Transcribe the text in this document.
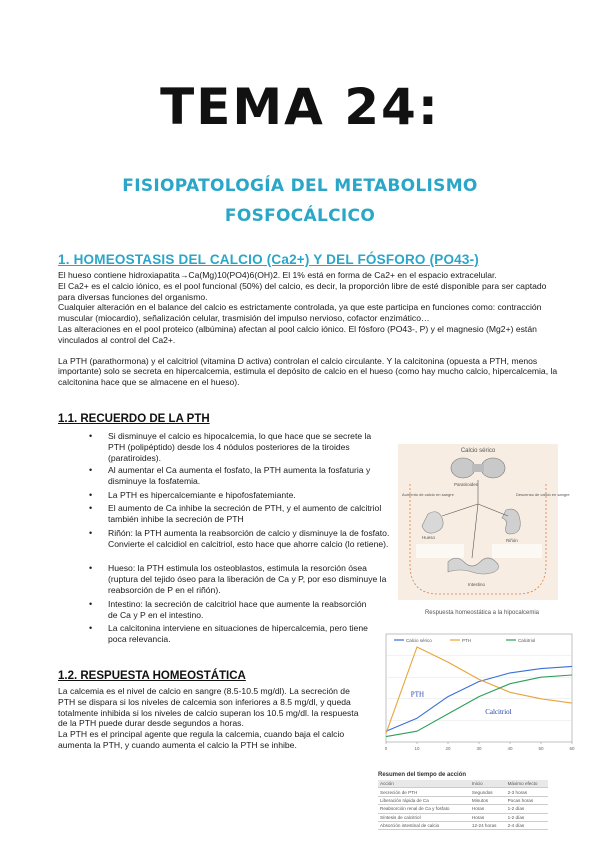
TEMA 24:
FISIOPATOLOGÍA DEL METABOLISMO
FOSFOCÁLCICO
1. HOMEOSTASIS DEL CALCIO (Ca2+) Y DEL FÓSFORO (PO43-)
El hueso contiene hidroxiapatita→Ca(Mg)10(PO4)6(OH)2. El 1% está en forma de Ca2+ en el espacio extracelular.
El Ca2+ es el calcio iónico, es el pool funcional (50%) del calcio, es decir, la proporción libre de esté disponible para ser captado para diversas funciones del organismo.
Cualquier alteración en el balance del calcio es estrictamente controlada, ya que este participa en funciones como: contracción muscular (miocardio), señalización celular, trasmisión del impulso nervioso, cofactor enzimático…
Las alteraciones en el pool proteico (albúmina) afectan al pool calcio iónico. El fósforo (PO43-, P) y el magnesio (Mg2+) están vinculados al control del Ca2+.
La PTH (parathormona) y el calcitriol (vitamina D activa) controlan el calcio circulante. Y la calcitonina (opuesta a PTH, menos importante) solo se secreta en hipercalcemia, estimula el depósito de calcio en el hueso (como hay mucho calcio, hipercalcemia, la calcitonina hace que se almacene en el hueso).
1.1. RECUERDO DE LA PTH
• Si disminuye el calcio es hipocalcemia, lo que hace que se secrete la PTH (polipéptido) desde los 4 nódulos posteriores de la tiroides (paratiroides).
• Al aumentar el Ca aumenta el fosfato, la PTH aumenta la fosfaturia y disminuye la fosfatemia.
• La PTH es hipercalcemiante e hipofosfatemiante.
• El aumento de Ca inhibe la secreción de PTH, y el aumento de calcitriol también inhibe la secreción de PTH
• Riñón: la PTH aumenta la reabsorción de calcio y disminuye la de fosfato. Convierte el calcidiol en calcitriol, esto hace que ahorre calcio (lo retiene).
• Hueso: la PTH estimula los osteoblastos, estimula la resorción ósea (ruptura del tejido óseo para la liberación de Ca y P, por eso disminuye la reabsorción de P en el riñón).
• Intestino: la secreción de calcitriol hace que aumente la reabsorción de Ca y P en el intestino.
• La calcitonina interviene en situaciones de hipercalcemia, pero tiene poca relevancia.
1.2. RESPUESTA HOMEOSTÁTICA
La calcemia es el nivel de calcio en sangre (8.5-10.5 mg/dl). La secreción de PTH se dispara si los niveles de calcemia son inferiores a 8.5 mg/dl, y queda totalmente inhibida si los niveles de calcio superan los 10.5 mg/dl. la respuesta de la PTH puede durar desde segundos a horas.
La PTH es el principal agente que regula la calcemia, cuando baja el calcio aumenta la PTH, y cuando aumenta el calcio la PTH se inhibe.
Calcio sérico
Aumento de calcio en sangre	Descenso de calcio en sangre
Hueso
Riñón
Intestino
Paratiroides
Respuesta homeostática a la hipocalcemia
Calcio sérico	PTH	Calcitriol
0	10	20	30	40	50	60
PTH
Calcitriol
Resumen del tiempo de acción
Acción	Inicio	Máximo efecto
Secreción de PTH	Segundos	2-3 horas
Liberación rápida de Ca	Minutos	Pocas horas
Reabsorción renal de Ca y fosfato	Horas	1-2 días
Síntesis de calcitriol	Horas	1-2 días
Absorción intestinal de calcio	12-24 horas	2-4 días
